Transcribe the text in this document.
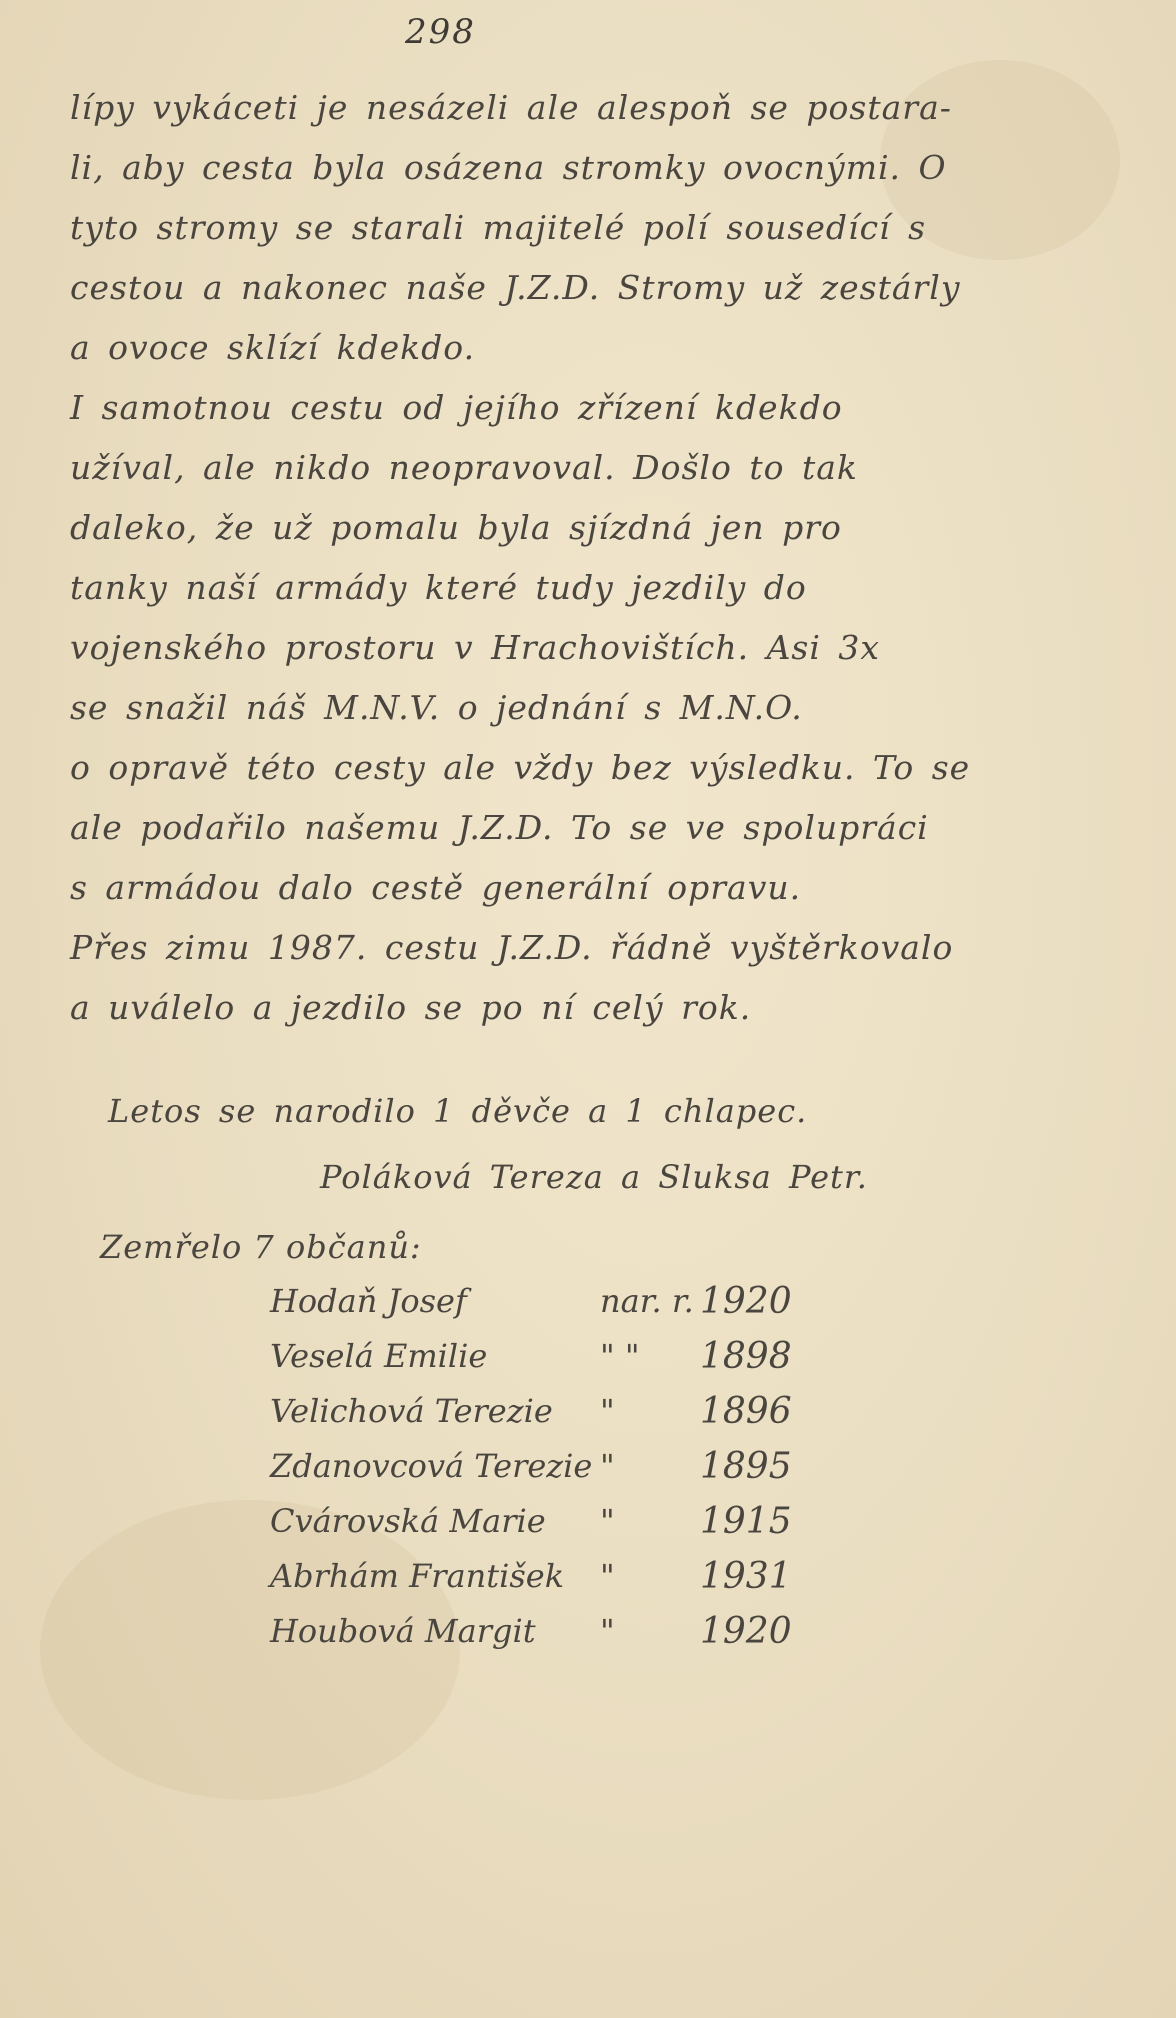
298
lípy vykáceti je nesázeli ale alespoň se postara-
li, aby cesta byla osázena stromky ovocnými. O
tyto stromy se starali majitelé polí sousedící s
cestou a nakonec naše J.Z.D. Stromy už zestárly
a ovoce sklízí kdekdo.
I samotnou cestu od jejího zřízení kdekdo
užíval, ale nikdo neopravoval. Došlo to tak
daleko, že už pomalu byla sjízdná jen pro
tanky naší armády které tudy jezdily do
vojenského prostoru v Hrachovištích. Asi 3x
se snažil náš M.N.V. o jednání s M.N.O.
o opravě této cesty ale vždy bez výsledku. To se
ale podařilo našemu J.Z.D. To se ve spolupráci
s armádou dalo cestě generální opravu.
Přes zimu 1987. cestu J.Z.D. řádně vyštěrkovalo
a uválelo a jezdilo se po ní celý rok.
Letos se narodilo 1 děvče a 1 chlapec.
Poláková Tereza a Sluksa Petr.
Zemřelo 7 občanů:
Hodaň Josef	nar. r. 1920
Veselá Emilie	" " 1898
Velichová Terezie " 1896
Zdanovcová Terezie " 1895
Cvárovská Marie " 1915
Abrhám František " 1931
Houbová Margit " 1920
